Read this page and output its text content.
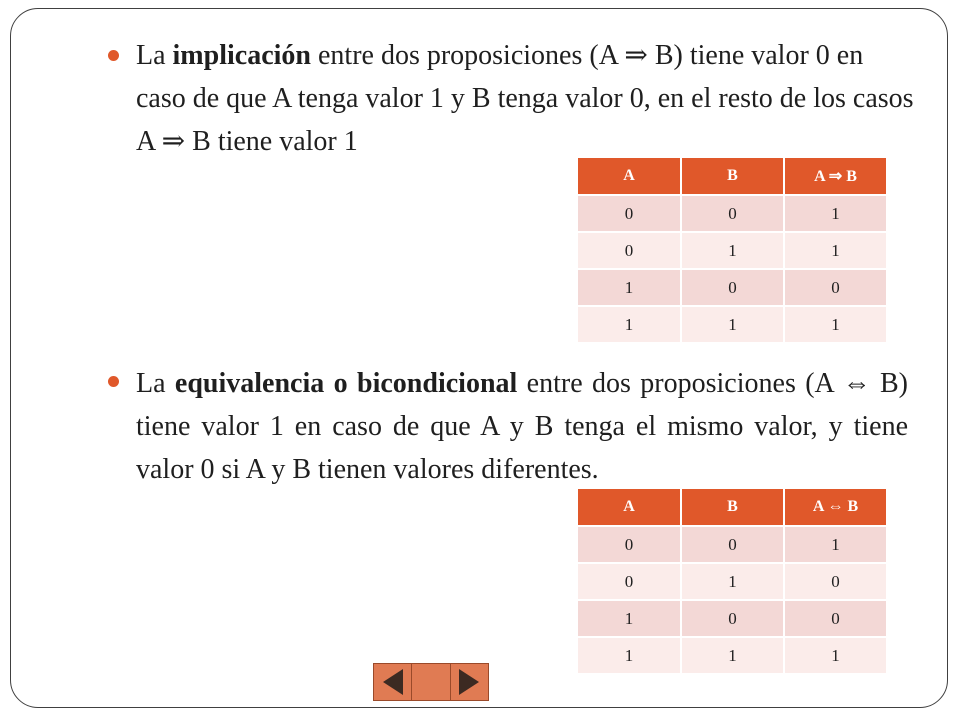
La implicación entre dos proposiciones (A ⇒ B) tiene valor 0 en caso de que A tenga valor 1 y B tenga valor 0, en el resto de los casos A ⇒ B tiene valor 1
A	B	A ⇒ B
0	0	1
0	1	1
1	0	0
1	1	1
La equivalencia o bicondicional entre dos proposiciones (A ⇔ B) tiene valor 1 en caso de que A y B tenga el mismo valor, y tiene valor 0 si A y B tienen valores diferentes.
A	B	A ⇔ B
0	0	1
0	1	0
1	0	0
1	1	1
